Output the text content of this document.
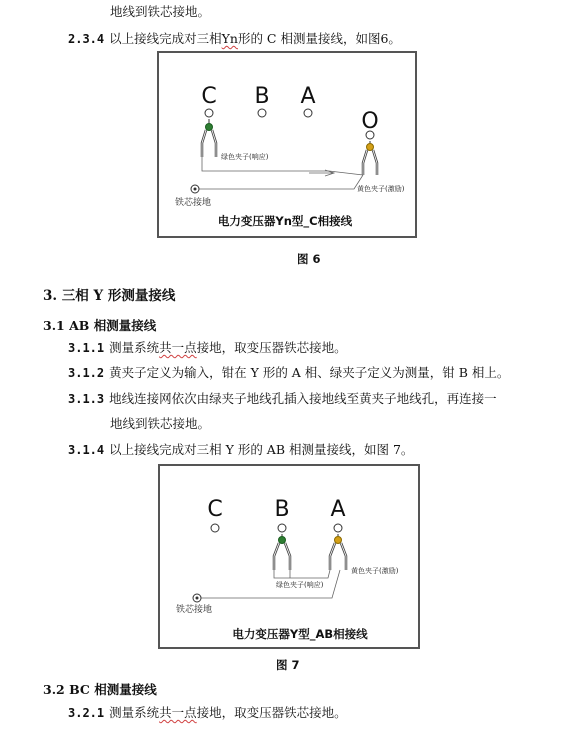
地线到铁芯接地。
2.3.4 以上接线完成对三相Yn形的 C 相测量接线，如图6。
C B A
O
绿色夹子(响应)
黄色夹子(激励)
铁芯接地
电力变压器Yn型_C相接线
图 6
3. 三相 Y 形测量接线
3.1 AB 相测量接线
3.1.1 测量系统共一点接地，取变压器铁芯接地。
3.1.2 黄夹子定义为输入，钳在 Y 形的 A 相、绿夹子定义为测量，钳 B 相上。
3.1.3 地线连接网依次由绿夹子地线孔插入接地线至黄夹子地线孔，再连接一
地线到铁芯接地。
3.1.4 以上接线完成对三相 Y 形的 AB 相测量接线，如图 7。
C B A
绿色夹子(响应)
黄色夹子(激励)
铁芯接地
电力变压器Y型_AB相接线
图 7
3.2 BC 相测量接线
3.2.1 测量系统共一点接地，取变压器铁芯接地。
